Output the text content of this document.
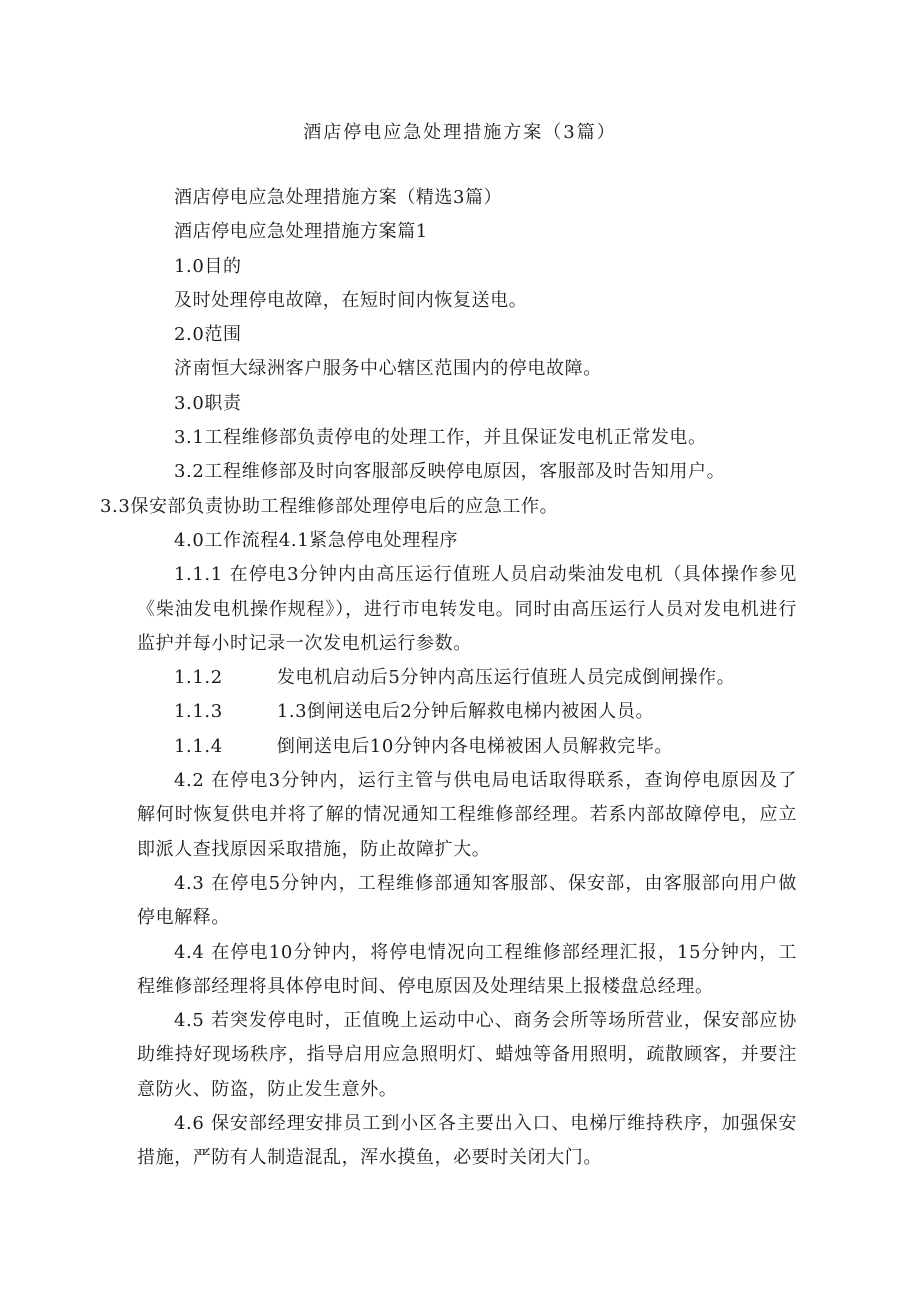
酒店停电应急处理措施方案（3篇）

酒店停电应急处理措施方案（精选3篇）

酒店停电应急处理措施方案篇1

1.0目的

及时处理停电故障，在短时间内恢复送电。

2.0范围

济南恒大绿洲客户服务中心辖区范围内的停电故障。

3.0职责

3.1工程维修部负责停电的处理工作，并且保证发电机正常发电。

3.2工程维修部及时向客服部反映停电原因，客服部及时告知用户。

3.3保安部负责协助工程维修部处理停电后的应急工作。

4.0工作流程4.1紧急停电处理程序

1.1.1 在停电3分钟内由高压运行值班人员启动柴油发电机（具体操作参见《柴油发电机操作规程》），进行市电转发电。同时由高压运行人员对发电机进行监护并每小时记录一次发电机运行参数。

1.1.2	发电机启动后5分钟内高压运行值班人员完成倒闸操作。

1.1.3	1.3倒闸送电后2分钟后解救电梯内被困人员。

1.1.4	倒闸送电后10分钟内各电梯被困人员解救完毕。

4.2 在停电3分钟内，运行主管与供电局电话取得联系，查询停电原因及了解何时恢复供电并将了解的情况通知工程维修部经理。若系内部故障停电，应立即派人查找原因采取措施，防止故障扩大。

4.3 在停电5分钟内，工程维修部通知客服部、保安部，由客服部向用户做停电解释。

4.4 在停电10分钟内，将停电情况向工程维修部经理汇报，15分钟内，工程维修部经理将具体停电时间、停电原因及处理结果上报楼盘总经理。

4.5 若突发停电时，正值晚上运动中心、商务会所等场所营业，保安部应协助维持好现场秩序，指导启用应急照明灯、蜡烛等备用照明，疏散顾客，并要注意防火、防盗，防止发生意外。

4.6 保安部经理安排员工到小区各主要出入口、电梯厅维持秩序，加强保安措施，严防有人制造混乱，浑水摸鱼，必要时关闭大门。
